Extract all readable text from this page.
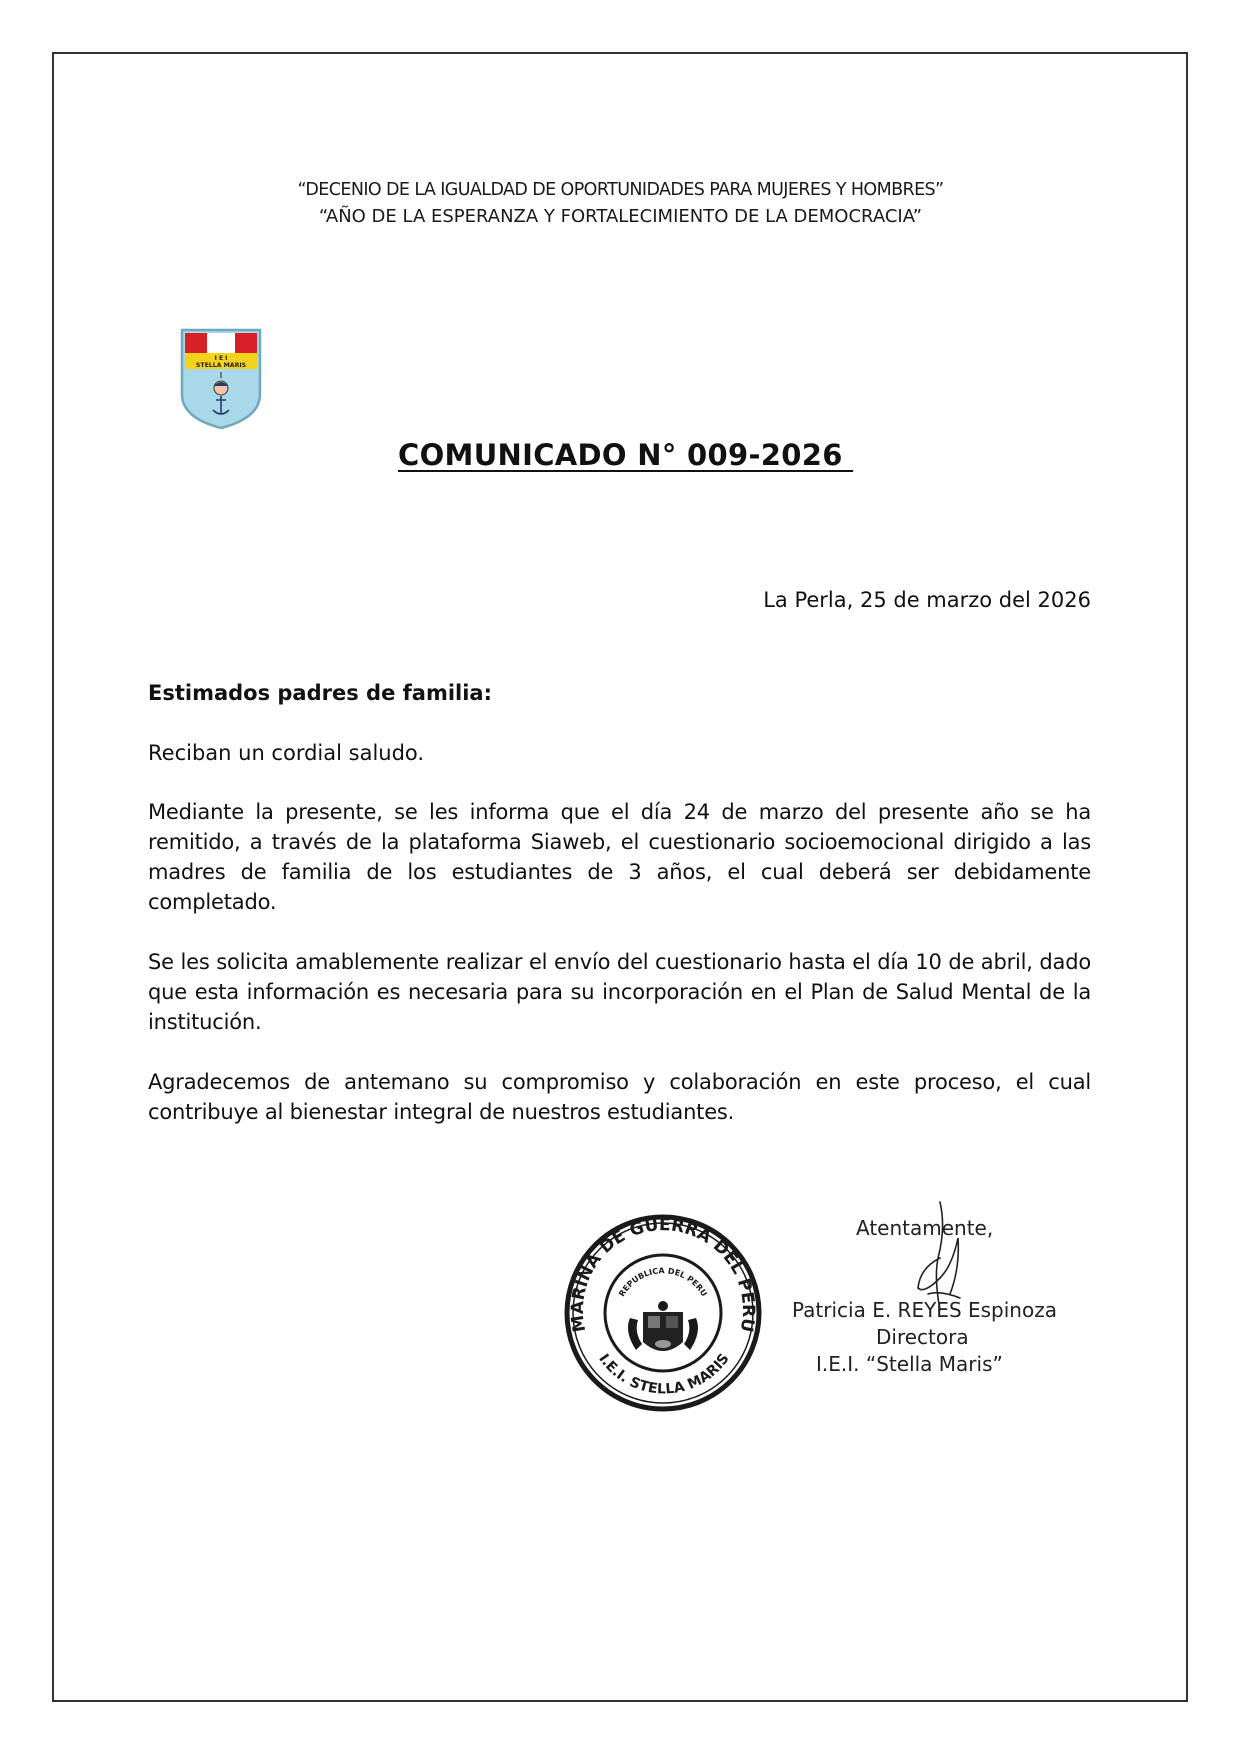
“DECENIO DE LA IGUALDAD DE OPORTUNIDADES PARA MUJERES Y HOMBRES”
“AÑO DE LA ESPERANZA Y FORTALECIMIENTO DE LA DEMOCRACIA”
I E I
STELLA MARIS
COMUNICADO N° 009-2026
La Perla, 25 de marzo del 2026
Estimados padres de familia:
Reciban un cordial saludo.
Mediante la presente, se les informa que el día 24 de marzo del presente año se ha remitido, a través de la plataforma Siaweb, el cuestionario socioemocional dirigido a las madres de familia de los estudiantes de 3 años, el cual deberá ser debidamente completado.
Se les solicita amablemente realizar el envío del cuestionario hasta el día 10 de abril, dado que esta información es necesaria para su incorporación en el Plan de Salud Mental de la institución.
Agradecemos de antemano su compromiso y colaboración en este proceso, el cual contribuye al bienestar integral de nuestros estudiantes.
MARINA DE GUERRA DEL PERU
I.E.I. STELLA MARIS
REPUBLICA DEL PERU
Atentamente,
Patricia E. REYES Espinoza
Directora
I.E.I. “Stella Maris”
